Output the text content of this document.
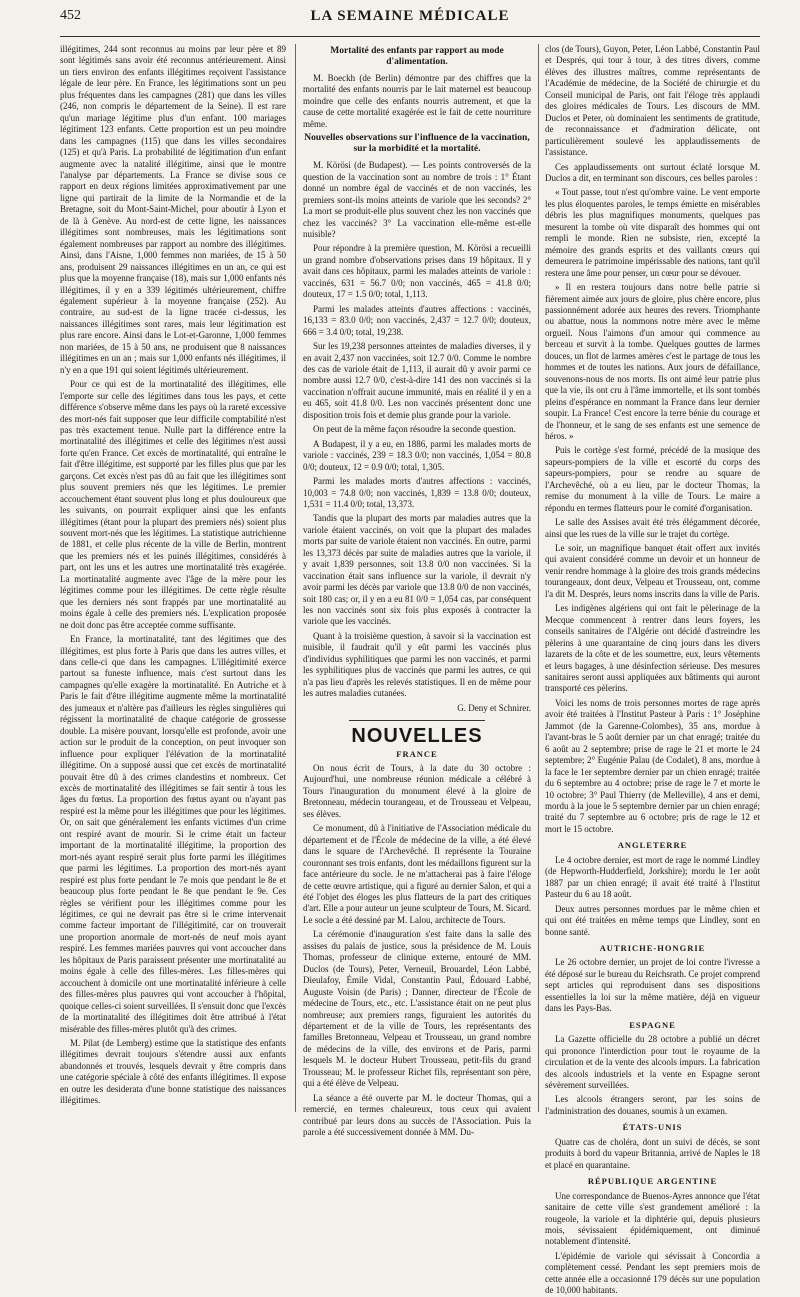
452	LA SEMAINE MÉDICALE

illégitimes, 244 sont reconnus au moins par leur père et 89 sont légitimés sans avoir été reconnus antérieurement. Ainsi un tiers environ des enfants illégitimes reçoivent l'assistance légale de leur père. En France, les légitimations sont un peu plus fréquentes dans les campagnes (281) que dans les villes (246, non compris le département de la Seine). Il est rare qu'un mariage légitime plus d'un enfant. 100 mariages légitiment 123 enfants. Cette proportion est un peu moindre dans les campagnes (115) que dans les villes secondaires (125) et qu'à Paris. La probabilité de légitimation d'un enfant augmente avec la natalité illégitime, ainsi que le montre l'analyse par départements. La France se divise sous ce rapport en deux régions limitées approximativement par une ligne qui partirait de la limite de la Normandie et de la Bretagne, soit du Mont-Saint-Michel, pour aboutir à Lyon et de là à Genève. Au nord-est de cette ligne, les naissances illégitimes sont nombreuses, mais les légitimations sont également nombreuses par rapport au nombre des illégitimes. Ainsi, dans l'Aisne, 1,000 femmes non mariées, de 15 à 50 ans, produisent 29 naissances illégitimes en un an, ce qui est plus que la moyenne française (18), mais sur 1,000 enfants nés illégitimes, il y en a 339 légitimés ultérieurement, chiffre également supérieur à la moyenne française (252). Au contraire, au sud-est de la ligne tracée ci-dessus, les naissances illégitimes sont rares, mais leur légitimation est plus rare encore. Ainsi dans le Lot-et-Garonne, 1,000 femmes non mariées, de 15 à 50 ans, ne produisent que 8 naissances illégitimes en un an ; mais sur 1,000 enfants nés illégitimes, il n'y en a que 191 qui soient légitimés ultérieurement.

Pour ce qui est de la mortinatalité des illégitimes, elle l'emporte sur celle des légitimes dans tous les pays, et cette différence s'observe même dans les pays où la rareté excessive des mort-nés fait supposer que leur difficile comptabilité n'est pas très exactement tenue. Nulle part la différence entre la mortinatalité des illégitimes et celle des légitimes n'est aussi forte qu'en France. Cet excès de mortinatalité, qui entraîne le fait d'être illégitime, est supporté par les filles plus que par les garçons. Cet excès n'est pas dû au fait que les illégitimes sont plus souvent premiers nés que les légitimes. Le premier accouchement étant souvent plus long et plus douloureux que les suivants, on pourrait expliquer ainsi que les enfants illégitimes (étant pour la plupart des premiers nés) soient plus souvent mort-nés que les légitimes. La statistique autrichienne de 1881, et celle plus récente de la ville de Berlin, montrent que les premiers nés et les puinés illégitimes, considérés à part, ont les uns et les autres une mortinatalité très exagérée. La mortinatalité augmente avec l'âge de la mère pour les légitimes comme pour les illégitimes. De cette règle résulte que les derniers nés sont frappés par une mortinatalité au moins égale à celle des premiers nés. L'explication proposée ne doit donc pas être acceptée comme suffisante.

En France, la mortinatalité, tant des légitimes que des illégitimes, est plus forte à Paris que dans les autres villes, et dans celle-ci que dans les campagnes. L'illégitimité exerce partout sa funeste influence, mais c'est surtout dans les campagnes qu'elle exagère la mortinatalité. En Autriche et à Paris le fait d'être illégitime augmente même la mortinatalité des jumeaux et n'altère pas d'ailleurs les règles singulières qui régissent la mortinatalité de chaque catégorie de grossesse double. La misère pouvant, lorsqu'elle est profonde, avoir une action sur le produit de la conception, on peut invoquer son influence pour expliquer l'élévation de la mortinatalité illégitime. On a supposé aussi que cet excès de mortinatalité pouvait être dû à des crimes clandestins et nombreux. Cet excès de mortinatalité des illégitimes se fait sentir à tous les âges du fœtus. La proportion des fœtus ayant ou n'ayant pas respiré est la même pour les illégitimes que pour les légitimes. Or, on sait que généralement les enfants victimes d'un crime ont respiré avant de mourir. Si le crime était un facteur important de la mortinatalité illégitime, la proportion des mort-nés ayant respiré serait plus forte parmi les illégitimes que parmi les légitimes. La proportion des mort-nés ayant respiré est plus forte pendant le 7e mois que pendant le 8e et beaucoup plus forte pendant le 8e que pendant le 9e. Ces règles se vérifient pour les illégitimes comme pour les légitimes, ce qui ne devrait pas être si le crime intervenait comme facteur important de l'illégitimité, car on trouverait une proportion anormale de mort-nés de neuf mois ayant respiré. Les femmes mariées pauvres qui vont accoucher dans les hôpitaux de Paris paraissent présenter une mortinatalité au moins égale à celle des filles-mères. Les filles-mères qui accouchent à domicile ont une mortinatalité inférieure à celle des filles-mères plus pauvres qui vont accoucher à l'hôpital, quoique celles-ci soient surveillées. Il s'ensuit donc que l'excès de la mortinatalité des illégitimes doit être attribué à l'état misérable des filles-mères plutôt qu'à des crimes.

M. Pilat (de Lemberg) estime que la statistique des enfants illégitimes devrait toujours s'étendre aussi aux enfants abandonnés et trouvés, lesquels devrait y être compris dans une catégorie spéciale à côté des enfants illégitimes. Il expose en outre les desiderata d'une bonne statistique des naissances illégitimes.

Mortalité des enfants par rapport au mode d'alimentation.

M. Boeckh (de Berlin) démontre par des chiffres que la mortalité des enfants nourris par le lait maternel est beaucoup moindre que celle des enfants nourris autrement, et que la cause de cette mortalité exagérée est le fait de cette nourriture même.

Nouvelles observations sur l'influence de la vaccination, sur la morbidité et la mortalité.

M. Körösi (de Budapest). — Les points controversés de la question de la vaccination sont au nombre de trois : 1° Étant donné un nombre égal de vaccinés et de non vaccinés, les premiers sont-ils moins atteints de variole que les seconds? 2° La mort se produit-elle plus souvent chez les non vaccinés que chez les vaccinés? 3° La vaccination elle-même est-elle nuisible?

Pour répondre à la première question, M. Körösi a recueilli un grand nombre d'observations prises dans 19 hôpitaux. Il y avait dans ces hôpitaux, parmi les malades atteints de variole : vaccinés, 631 = 56.7 0/0; non vaccinés, 465 = 41.8 0/0; douteux, 17 = 1.5 0/0; total, 1,113.

Parmi les malades atteints d'autres affections : vaccinés, 16,133 = 83.0 0/0; non vaccinés, 2,437 = 12.7 0/0; douteux, 666 = 3.4 0/0; total, 19,238.

Sur les 19,238 personnes atteintes de maladies diverses, il y en avait 2,437 non vaccinées, soit 12.7 0/0. Comme le nombre des cas de variole était de 1,113, il aurait dû y avoir parmi ce nombre aussi 12.7 0/0, c'est-à-dire 141 des non vaccinés si la vaccination n'offrait aucune immunité, mais en réalité il y en a eu 465, soit 41.8 0/0. Les non vaccinés présentent donc une disposition trois fois et demie plus grande pour la variole.

On peut de la même façon résoudre la seconde question.

A Budapest, il y a eu, en 1886, parmi les malades morts de variole : vaccinés, 239 = 18.3 0/0; non vaccinés, 1,054 = 80.8 0/0; douteux, 12 = 0.9 0/0; total, 1,305.

Parmi les malades morts d'autres affections : vaccinés, 10,003 = 74.8 0/0; non vaccinés, 1,839 = 13.8 0/0; douteux, 1,531 = 11.4 0/0; total, 13,373.

Tandis que la plupart des morts par maladies autres que la variole étaient vaccinés, on voit que la plupart des malades morts par suite de variole étaient non vaccinés. En outre, parmi les 13,373 décès par suite de maladies autres que la variole, il y avait 1,839 personnes, soit 13.8 0/0 non vaccinées. Si la vaccination était sans influence sur la variole, il devrait n'y avoir parmi les décès par variole que 13.8 0/0 de non vaccinés, soit 180 cas; or, il y en a eu 81 0/0 = 1,054 cas, par conséquent les non vaccinés sont six fois plus exposés à contracter la variole que les vaccinés.

Quant à la troisième question, à savoir si la vaccination est nuisible, il faudrait qu'il y eût parmi les vaccinés plus d'individus syphilitiques que parmi les non vaccinés, et parmi les syphilitiques plus de vaccinés que parmi les autres, ce qui n'a pas lieu d'après les relevés statistiques. Il en de même pour les autres maladies cutanées.

G. Deny et Schnirer.
NOUVELLES
FRANCE

On nous écrit de Tours, à la date du 30 octobre : Aujourd'hui, une nombreuse réunion médicale a célébré à Tours l'inauguration du monument élevé à la gloire de Bretonneau, médecin tourangeau, et de Trousseau et Velpeau, ses élèves.

Ce monument, dû à l'initiative de l'Association médicale du département et de l'École de médecine de la ville, a été élevé dans le square de l'Archevêché. Il représente la Touraine couronnant ses trois enfants, dont les médaillons figurent sur la face antérieure du socle. Je ne m'attacherai pas à faire l'éloge de cette œuvre artistique, qui a figuré au dernier Salon, et qui a été l'objet des éloges les plus flatteurs de la part des critiques d'art. Elle a pour auteur un jeune sculpteur de Tours, M. Sicard. Le socle a été dessiné par M. Lalou, architecte de Tours.

La cérémonie d'inauguration s'est faite dans la salle des assises du palais de justice, sous la présidence de M. Louis Thomas, professeur de clinique externe, entouré de MM. Duclos (de Tours), Peter, Verneuil, Brouardel, Léon Labbé, Dieulafoy, Émile Vidal, Constantin Paul, Édouard Labbé, Auguste Voisin (de Paris) ; Danner, directeur de l'École de médecine de Tours, etc., etc. L'assistance était on ne peut plus nombreuse; aux premiers rangs, figuraient les autorités du département et de la ville de Tours, les représentants des familles Bretonneau, Velpeau et Trousseau, un grand nombre de médecins de la ville, des environs et de Paris, parmi lesquels M. le docteur Hubert Trousseau, petit-fils du grand Trousseau; M. le professeur Richet fils, représentant son père, qui a été élève de Velpeau.

La séance a été ouverte par M. le docteur Thomas, qui a remercié, en termes chaleureux, tous ceux qui avaient contribué par leurs dons au succès de l'Association. Puis la parole a été successivement donnée à MM. Du-

clos (de Tours), Guyon, Peter, Léon Labbé, Constantin Paul et Després, qui tour à tour, à des titres divers, comme élèves des illustres maîtres, comme représentants de l'Académie de médecine, de la Société de chirurgie et du Conseil municipal de Paris, ont fait l'éloge très applaudi des gloires médicales de Tours. Les discours de MM. Duclos et Peter, où dominaient les sentiments de gratitude, de reconnaissance et d'admiration délicate, ont particulièrement soulevé les applaudissements de l'assistance.

Ces applaudissements ont surtout éclaté lorsque M. Duclos a dit, en terminant son discours, ces belles paroles :

« Tout passe, tout n'est qu'ombre vaine. Le vent emporte les plus éloquentes paroles, le temps émiette en misérables débris les plus magnifiques monuments, quelques pas mesurent la tombe où vite disparaît des hommes qui ont rempli le monde. Rien ne subsiste, rien, excepté la mémoire des grands esprits et des vaillants cœurs qui demeurera le patrimoine impérissable des nations, tant qu'il restera une âme pour penser, un cœur pour se dévouer.

» Il en restera toujours dans notre belle patrie si fièrement aimée aux jours de gloire, plus chère encore, plus passionnément adorée aux heures des revers. Triomphante ou abattue, nous la nommons notre mère avec le même orgueil. Nous l'aimons d'un amour qui commence au berceau et survit à la tombe. Quelques gouttes de larmes douces, un flot de larmes amères c'est le partage de tous les hommes et de toutes les nations. Aux jours de défaillance, souvenons-nous de nos morts. Ils ont aimé leur patrie plus que la vie, ils ont cru à l'âme immortelle, et ils sont tombés pleins d'espérance en nommant la France dans leur dernier soupir. La France! C'est encore la terre bénie du courage et de l'honneur, et le sang de ses enfants est une semence de héros. »

Puis le cortège s'est formé, précédé de la musique des sapeurs-pompiers de la ville et escorté du corps des sapeurs-pompiers, pour se rendre au square de l'Archevêché, où a eu lieu, par le docteur Thomas, la remise du monument à la ville de Tours. Le maire a répondu en termes flatteurs pour le comité d'organisation.

Le salle des Assises avait été très élégamment décorée, ainsi que les rues de la ville sur le trajet du cortège.

Le soir, un magnifique banquet était offert aux invités qui avaient considéré comme un devoir et un honneur de venir rendre hommage à la gloire des trois grands médecins tourangeaux, dont deux, Velpeau et Trousseau, ont, comme l'a dit M. Després, leurs noms inscrits dans la ville de Paris.

Les indigènes algériens qui ont fait le pèlerinage de la Mecque commencent à rentrer dans leurs foyers, les conseils sanitaires de l'Algérie ont décidé d'astreindre les pèlerins à une quarantaine de cinq jours dans les divers lazarets de la côte et de les soumettre, eux, leurs vêtements et leurs bagages, à une désinfection sérieuse. Des mesures sanitaires seront aussi appliquées aux bâtiments qui auront transporté ces pèlerins.

Voici les noms de trois personnes mortes de rage après avoir été traitées à l'Institut Pasteur à Paris : 1° Joséphine Jammot (de la Garenne-Colombes), 35 ans, mordue à l'avant-bras le 5 août dernier par un chat enragé; traitée du 6 août au 2 septembre; prise de rage le 21 et morte le 24 septembre; 2° Eugénie Palau (de Codalet), 8 ans, mordue à la face le 1er septembre dernier par un chien enragé; traitée du 6 septembre au 4 octobre; prise de rage le 7 et morte le 10 octobre; 3° Paul Thierry (de Melleville), 4 ans et demi, mordu à la joue le 5 septembre dernier par un chien enragé; traité du 7 septembre au 6 octobre; pris de rage le 12 et mort le 15 octobre.

ANGLETERRE

Le 4 octobre dernier, est mort de rage le nommé Lindley (de Hepworth-Hudderfield, Jorkshire); mordu le 1er août 1887 par un chien enragé; il avait été traité à l'Institut Pasteur du 6 au 18 août.

Deux autres personnes mordues par le même chien et qui ont été traitées en même temps que Lindley, sont en bonne santé.

AUTRICHE-HONGRIE

Le 26 octobre dernier, un projet de loi contre l'ivresse a été déposé sur le bureau du Reichsrath. Ce projet comprend sept articles qui reproduisent dans ses dispositions essentielles la loi sur la même matière, déjà en vigueur dans les Pays-Bas.

ESPAGNE

La Gazette officielle du 28 octobre a publié un décret qui prononce l'interdiction pour tout le royaume de la circulation et de la vente des alcools impurs. La fabrication des alcools industriels et la vente en Espagne seront sévèrement surveillées.

Les alcools étrangers seront, par les soins de l'administration des douanes, soumis à un examen.

ÉTATS-UNIS

Quatre cas de choléra, dont un suivi de décès, se sont produits à bord du vapeur Britannia, arrivé de Naples le 18 et placé en quarantaine.

RÉPUBLIQUE ARGENTINE

Une correspondance de Buenos-Ayres annonce que l'état sanitaire de cette ville s'est grandement amélioré : la rougeole, la variole et la diphtérie qui, depuis plusieurs mois, sévissaient épidémiquement, ont diminué notablement d'intensité.

L'épidémie de variole qui sévissait à Concordia a complètement cessé. Pendant les sept premiers mois de cette année elle a occasionné 179 décès sur une population de 10,000 habitants.
